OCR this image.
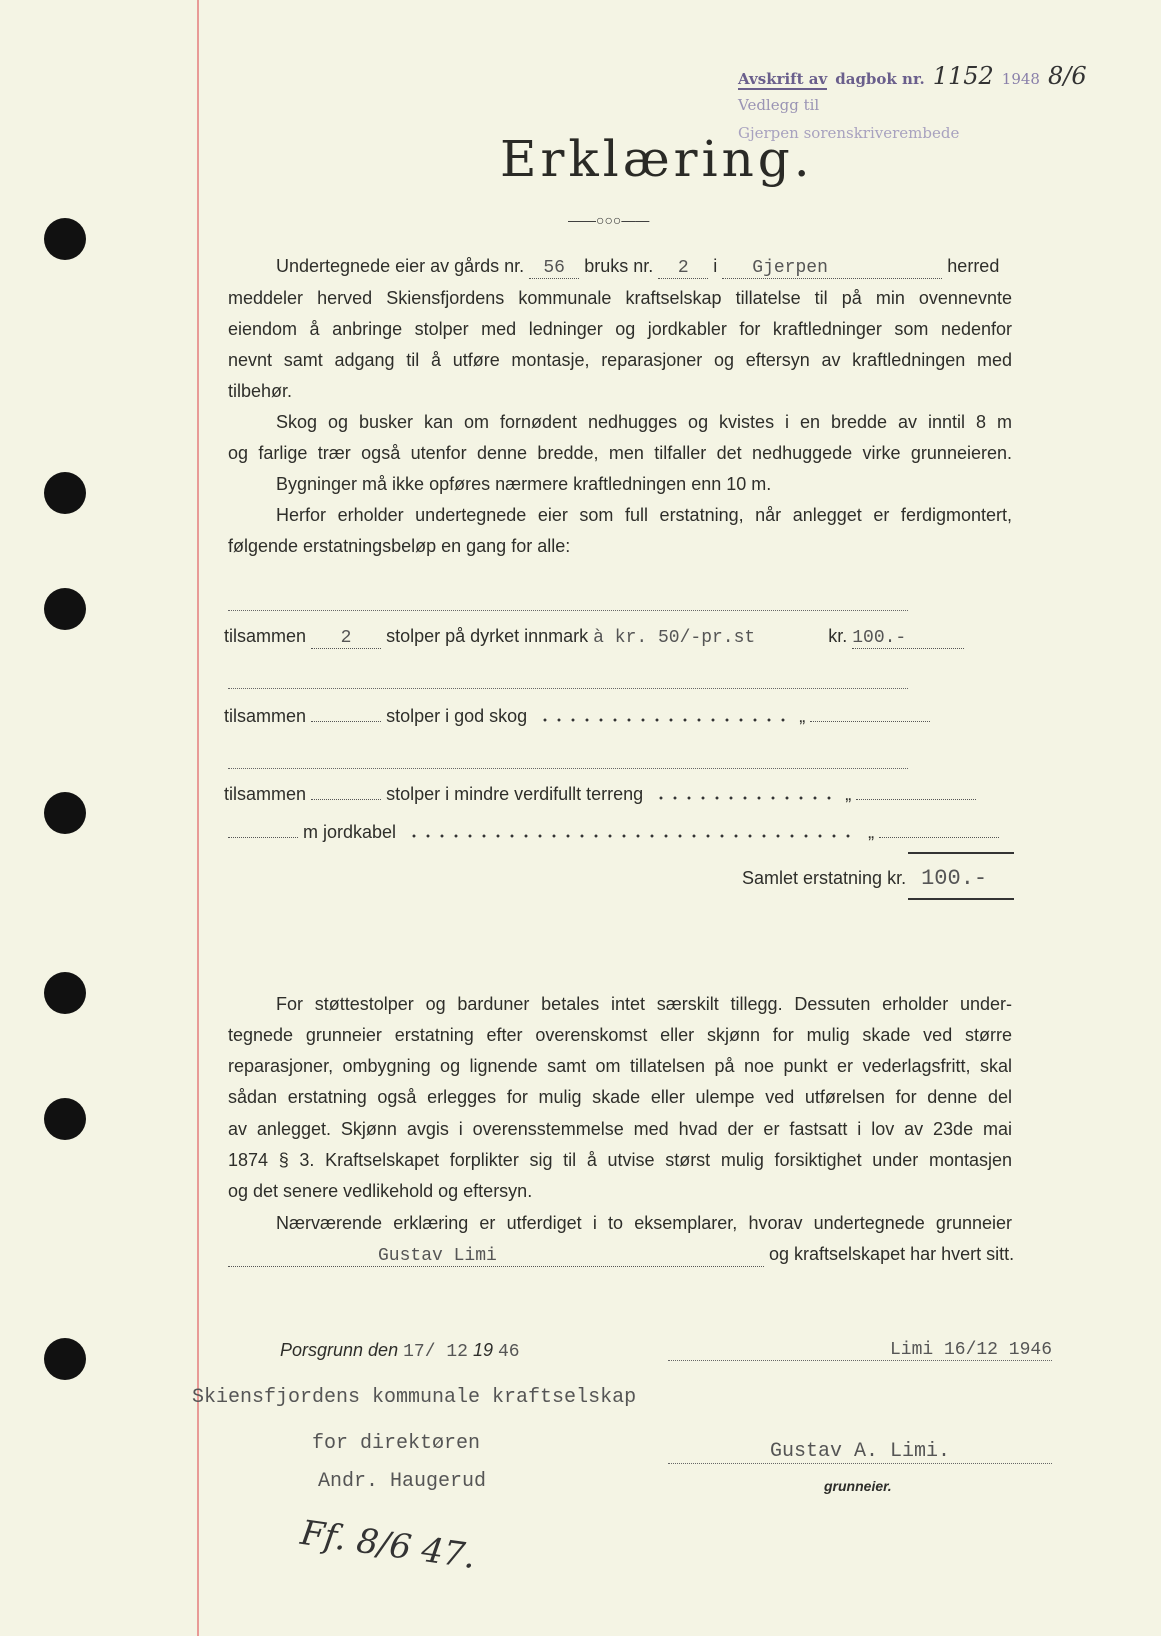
Avskrift av dagbok nr. 1152 1948 8/6
Vedlegg til
Gjerpen sorenskriverembede
Erklæring.
——○○○——
Undertegnede eier av gårds nr. 56 bruks nr. 2 i Gjerpen	herred
meddeler herved Skiensfjordens kommunale kraftselskap tillatelse til på min ovennevnte
eiendom å anbringe stolper med ledninger og jordkabler for kraftledninger som nedenfor
nevnt samt adgang til å utføre montasje, reparasjoner og eftersyn av kraftledningen med
tilbehør.
Skog og busker kan om fornødent nedhugges og kvistes i en bredde av inntil 8 m
og farlige trær også utenfor denne bredde, men tilfaller det nedhuggede virke grunneieren.
Bygninger må ikke opføres nærmere kraftledningen enn 10 m.
Herfor erholder undertegnede eier som full erstatning, når anlegget er ferdigmontert,
følgende erstatningsbeløp en gang for alle:
tilsammen 2 stolper på dyrket innmark à kr. 50/-pr.st	kr. 100.-
tilsammen	stolper i god skog	„
tilsammen	stolper i mindre verdifullt terreng	„
m jordkabel	„
Samlet erstatning kr. 100.-
For støttestolper og barduner betales intet særskilt tillegg. Dessuten erholder under-
tegnede grunneier erstatning efter overenskomst eller skjønn for mulig skade ved større
reparasjoner, ombygning og lignende samt om tillatelsen på noe punkt er vederlagsfritt, skal
sådan erstatning også erlegges for mulig skade eller ulempe ved utførelsen for denne del
av anlegget. Skjønn avgis i overensstemmelse med hvad der er fastsatt i lov av 23de mai
1874 § 3. Kraftselskapet forplikter sig til å utvise størst mulig forsiktighet under montasjen
og det senere vedlikehold og eftersyn.
Nærværende erklæring er utferdiget i to eksemplarer, hvorav undertegnede grunneier
Gustav Limi	og kraftselskapet har hvert sitt.
Porsgrunn den 17/ 12 19 46	Limi 16/12 1946
Skiensfjordens kommunale kraftselskap
for direktøren
Andr. Haugerud
Gustav A. Limi.
grunneier.
Ff. 8/6 47.
